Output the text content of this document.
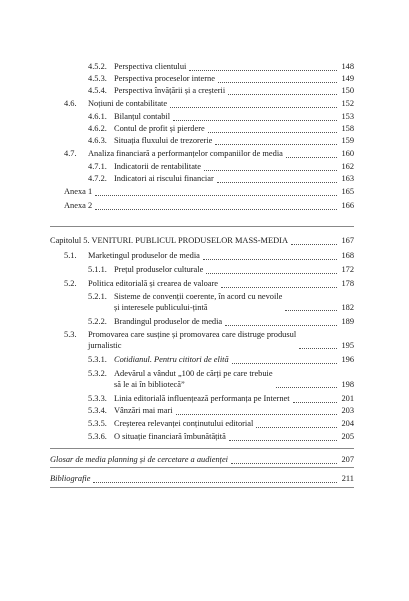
4.5.2. Perspectiva clientului	148
4.5.3. Perspectiva proceselor interne	149
4.5.4. Perspectiva învățării și a creșterii	150
4.6. Noțiuni de contabilitate	152
4.6.1. Bilanțul contabil	153
4.6.2. Contul de profit și pierdere	158
4.6.3. Situația fluxului de trezorerie	159
4.7. Analiza financiară a performanțelor companiilor de media	160
4.7.1. Indicatorii de rentabilitate	162
4.7.2. Indicatori ai riscului financiar	163
Anexa 1	165
Anexa 2	166
Capitolul 5. VENITURI. PUBLICUL PRODUSELOR MASS-MEDIA	167
5.1. Marketingul produselor de media	168
5.1.1. Prețul produselor culturale	172
5.2. Politica editorială și crearea de valoare	178
5.2.1. Sisteme de convenții coerente, în acord cu nevoile
și interesele publicului-țintă	182
5.2.2. Brandingul produselor de media	189
5.3.	Promovarea care susține și promovarea care distruge produsul
jurnalistic	195
5.3.1. Cotidianul. Pentru cititori de elită	196
5.3.2. Adevărul a vândut „100 de cărți pe care trebuie
să le ai în bibliotecă”	198
5.3.3. Linia editorială influențează performanța pe Internet	201
5.3.4. Vânzări mai mari	203
5.3.5. Creșterea relevanței conținutului editorial	204
5.3.6. O situație financiară îmbunătățită	205
Glosar de media planning și de cercetare a audienței	207
Bibliografie	211
